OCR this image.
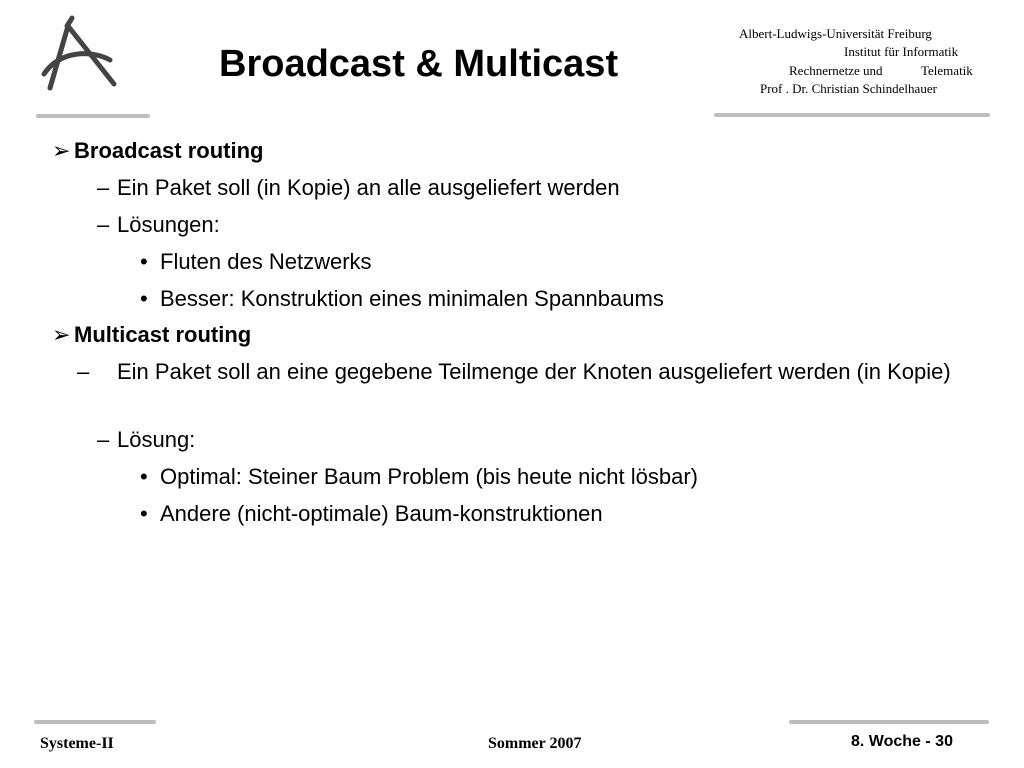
Broadcast & Multicast
Albert-Ludwigs-Universität Freiburg
Institut für Informatik
Rechnernetze und	Telematik
Prof . Dr. Christian Schindelhauer
➢ Broadcast routing
– Ein Paket soll (in Kopie) an alle ausgeliefert werden
– Lösungen:
• Fluten des Netzwerks
• Besser: Konstruktion eines minimalen Spannbaums
➢ Multicast routing
– Ein Paket soll an eine gegebene Teilmenge der Knoten ausgeliefert werden (in Kopie)
– Lösung:
• Optimal: Steiner Baum Problem (bis heute nicht lösbar)
• Andere (nicht-optimale) Baum-konstruktionen
Systeme-II	Sommer 2007	8. Woche - 30
